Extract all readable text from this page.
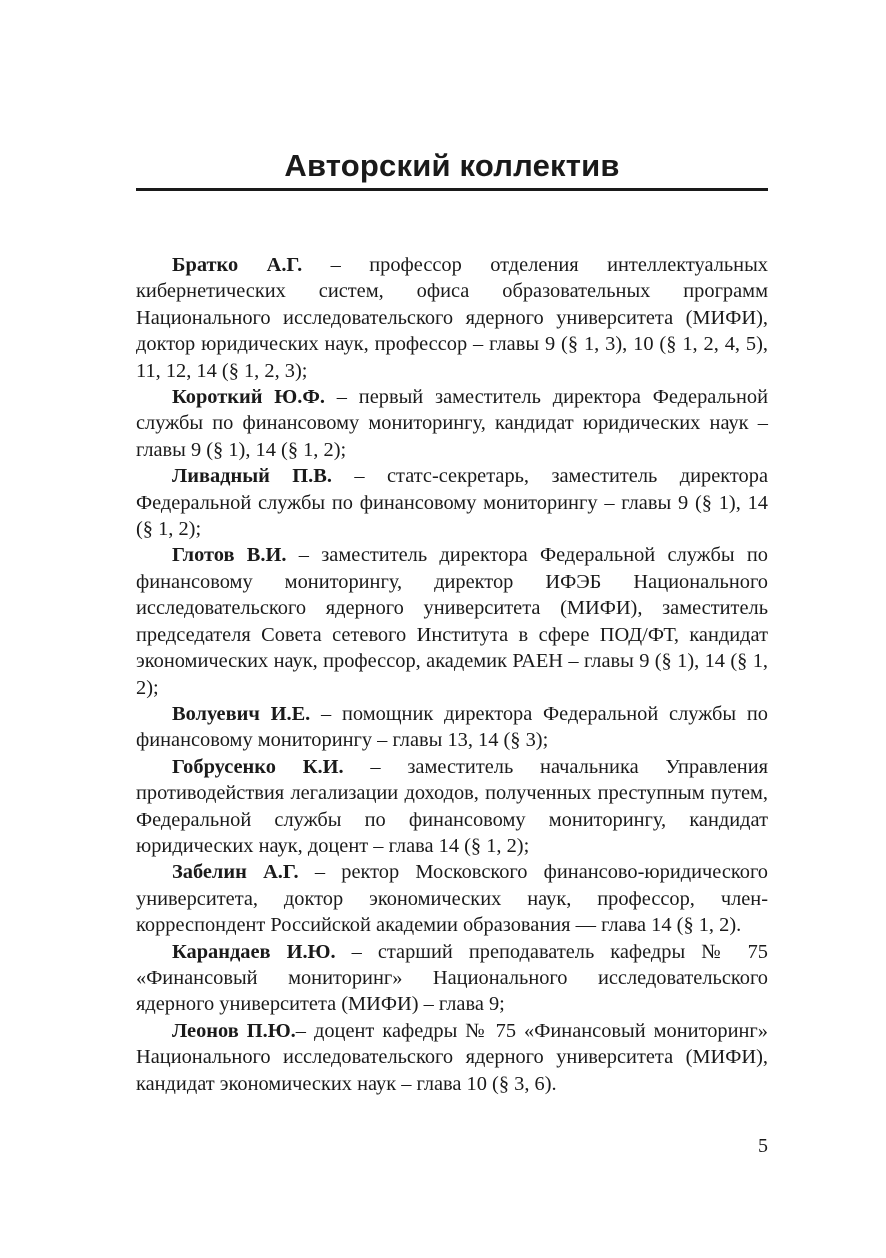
Авторский коллектив

Братко А.Г. – профессор отделения интеллектуальных кибернетических систем, офиса образовательных программ Национального исследовательского ядерного университета (МИФИ), доктор юридических наук, профессор – главы 9 (§ 1, 3), 10 (§ 1, 2, 4, 5), 11, 12, 14 (§ 1, 2, 3);

Короткий Ю.Ф. – первый заместитель директора Федеральной службы по финансовому мониторингу, кандидат юридических наук – главы 9 (§ 1), 14 (§ 1, 2);

Ливадный П.В. – статс-секретарь, заместитель директора Федеральной службы по финансовому мониторингу – главы 9 (§ 1), 14 (§ 1, 2);

Глотов В.И. – заместитель директора Федеральной службы по финансовому мониторингу, директор ИФЭБ Национального исследовательского ядерного университета (МИФИ), заместитель председателя Совета сетевого Института в сфере ПОД/ФТ, кандидат экономических наук, профессор, академик РАЕН – главы 9 (§ 1), 14 (§ 1, 2);

Волуевич И.Е. – помощник директора Федеральной службы по финансовому мониторингу – главы 13, 14 (§ 3);

Гобрусенко К.И. – заместитель начальника Управления противодействия легализации доходов, полученных преступным путем, Федеральной службы по финансовому мониторингу, кандидат юридических наук, доцент – глава 14 (§ 1, 2);

Забелин А.Г. – ректор Московского финансово-юридического университета, доктор экономических наук, профессор, член-корреспондент Российской академии образования — глава 14 (§ 1, 2).

Карандаев И.Ю. – старший преподаватель кафедры № 75 «Финансовый мониторинг» Национального исследовательского ядерного университета (МИФИ) – глава 9;

Леонов П.Ю.– доцент кафедры № 75 «Финансовый мониторинг» Национального исследовательского ядерного университета (МИФИ), кандидат экономических наук – глава 10 (§ 3, 6).

5
